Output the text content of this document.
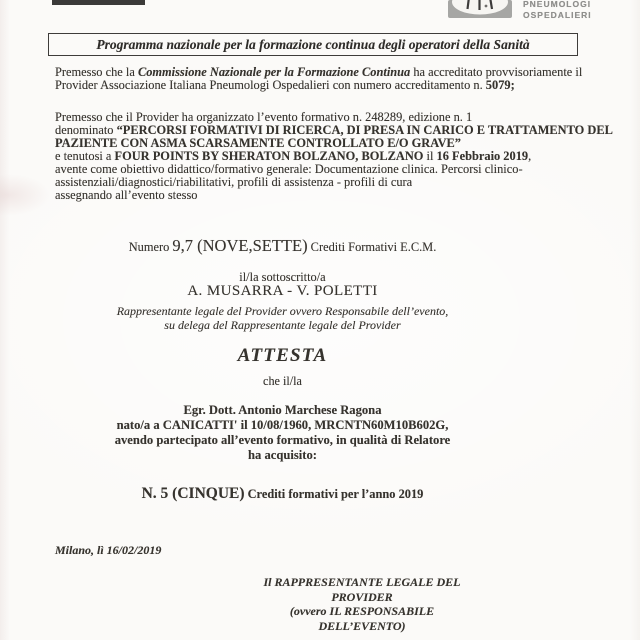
PNEUMOLOGI
OSPEDALIERI
Programma nazionale per la formazione continua degli operatori della Sanità
Premesso che la Commissione Nazionale per la Formazione Continua ha accreditato provvisoriamente il Provider Associazione Italiana Pneumologi Ospedalieri con numero accreditamento n. 5079;
Premesso che il Provider ha organizzato l’evento formativo n. 248289, edizione n. 1
denominato “PERCORSI FORMATIVI DI RICERCA, DI PRESA IN CARICO E TRATTAMENTO DEL
PAZIENTE CON ASMA SCARSAMENTE CONTROLLATO E/O GRAVE”
e tenutosi a FOUR POINTS BY SHERATON BOLZANO, BOLZANO il 16 Febbraio 2019,
avente come obiettivo didattico/formativo generale: Documentazione clinica. Percorsi clinico-
assistenziali/diagnostici/riabilitativi, profili di assistenza - profili di cura
assegnando all’evento stesso
Numero 9,7 (NOVE,SETTE) Crediti Formativi E.C.M.
il/la sottoscritto/a
A. MUSARRA - V. POLETTI
Rappresentante legale del Provider ovvero Responsabile dell’evento,
su delega del Rappresentante legale del Provider
ATTESTA
che il/la
Egr. Dott. Antonio Marchese Ragona
nato/a a CANICATTI' il 10/08/1960, MRCNTN60M10B602G,
avendo partecipato all’evento formativo, in qualità di Relatore
ha acquisito:
N. 5 (CINQUE) Crediti formativi per l’anno 2019
Milano, lì 16/02/2019
Il RAPPRESENTANTE LEGALE DEL PROVIDER
(ovvero IL RESPONSABILE DELL’EVENTO)
